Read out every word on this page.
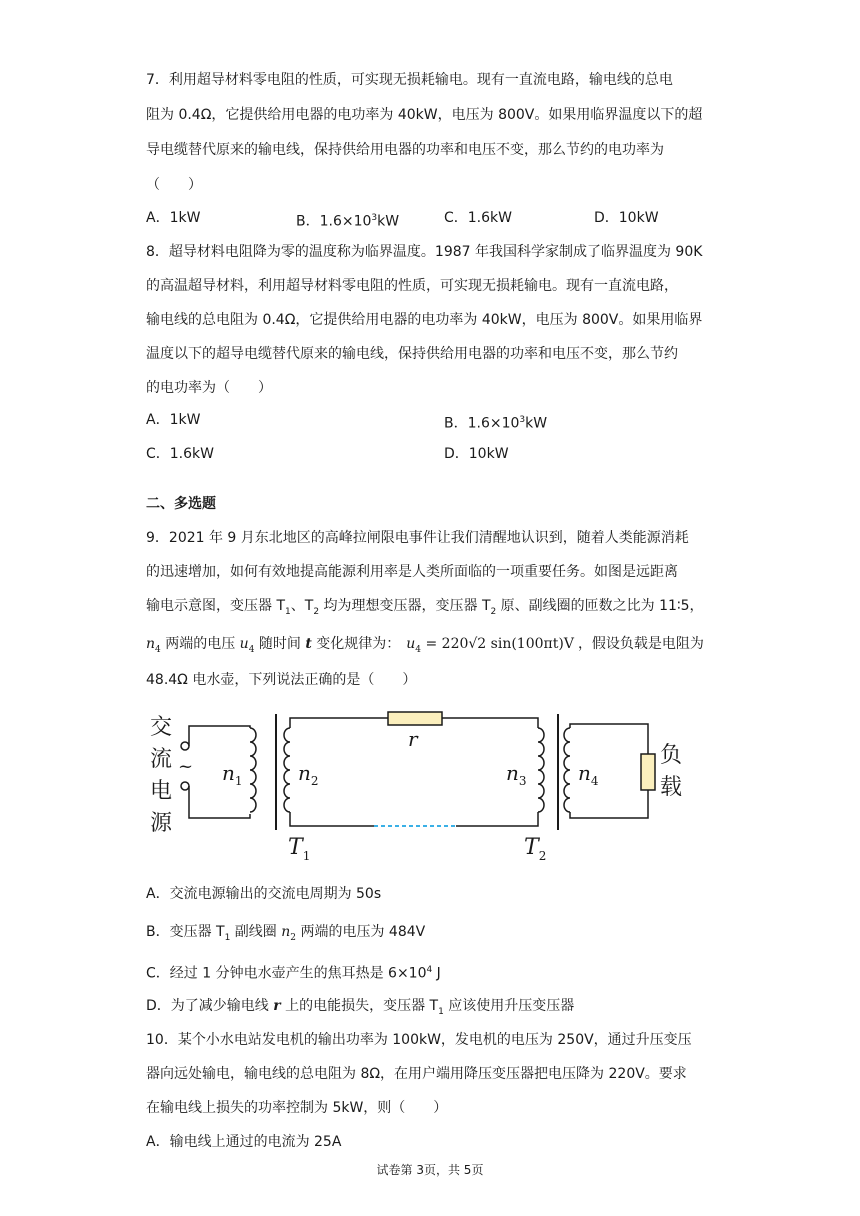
7．利用超导材料零电阻的性质，可实现无损耗输电。现有一直流电路，输电线的总电
阻为 0.4Ω，它提供给用电器的电功率为 40kW，电压为 800V。如果用临界温度以下的超
导电缆替代原来的输电线，保持供给用电器的功率和电压不变，那么节约的电功率为
（　　）
A．1kW	B．$1.6\times 10^3kW$	C．1.6kW	D．10kW
8．超导材料电阻降为零的温度称为临界温度。1987 年我国科学家制成了临界温度为 90K
的高温超导材料，利用超导材料零电阻的性质，可实现无损耗输电。现有一直流电路，
输电线的总电阻为 0.4Ω，它提供给用电器的电功率为 40kW，电压为 800V。如果用临界
温度以下的超导电缆替代原来的输电线，保持供给用电器的功率和电压不变，那么节约
的电功率为（　　）
A．1kW	B．$1.6\times 10^3kW$
C．1.6kW	D．10kW
二、多选题
9．2021 年 9 月东北地区的高峰拉闸限电事件让我们清醒地认识到，随着人类能源消耗
的迅速增加，如何有效地提高能源利用率是人类所面临的一项重要任务。如图是远距离
输电示意图，变压器 $T_1$、$T_2$ 均为理想变压器，变压器 $T_2$ 原、副线圈的匝数之比为 11∶5，
$n_4$ 两端的电压 $u_4$ 随时间 t 变化规律为： $u_4 = 220√2$ sin(100πt)V ，假设负载是电阻为
48.4Ω 电水壶，下列说法正确的是（　　）
交
流
电
源
~ $n_1$	$n_2$
r
$n_3$	$n_4$
负
载
$T_1$	$T_2$
A．交流电源输出的交流电周期为 50s
B．变压器 $T_1$ 副线圈 $n_2$ 两端的电压为 484V
C．经过 1 分钟电水壶产生的焦耳热是 $6\times 10^4$ J
D．为了减少输电线 r 上的电能损失，变压器 $T_1$ 应该使用升压变压器
10．某个小水电站发电机的输出功率为 100kW，发电机的电压为 250V，通过升压变压
器向远处输电，输电线的总电阻为 8Ω，在用户端用降压变压器把电压降为 220V。要求
在输电线上损失的功率控制为 5kW，则（　　）
A．输电线上通过的电流为 25A
试卷第 3页，共 5页
